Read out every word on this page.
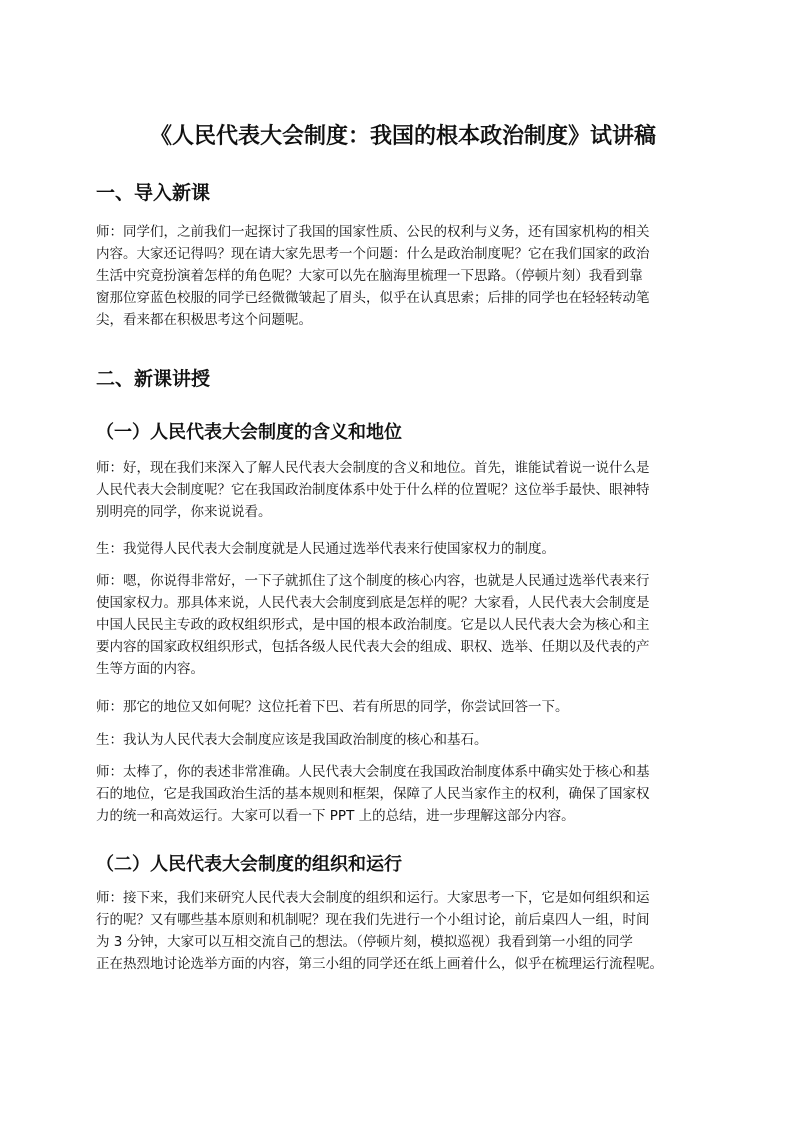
《人民代表大会制度：我国的根本政治制度》试讲稿
一、导入新课
师：同学们，之前我们一起探讨了我国的国家性质、公民的权利与义务，还有国家机构的相关
内容。大家还记得吗？现在请大家先思考一个问题：什么是政治制度呢？它在我们国家的政治
生活中究竟扮演着怎样的角色呢？大家可以先在脑海里梳理一下思路。（停顿片刻）我看到靠
窗那位穿蓝色校服的同学已经微微皱起了眉头，似乎在认真思索；后排的同学也在轻轻转动笔
尖，看来都在积极思考这个问题呢。
二、新课讲授
（一）人民代表大会制度的含义和地位
师：好，现在我们来深入了解人民代表大会制度的含义和地位。首先，谁能试着说一说什么是
人民代表大会制度呢？它在我国政治制度体系中处于什么样的位置呢？这位举手最快、眼神特
别明亮的同学，你来说说看。
生：我觉得人民代表大会制度就是人民通过选举代表来行使国家权力的制度。
师：嗯，你说得非常好，一下子就抓住了这个制度的核心内容，也就是人民通过选举代表来行
使国家权力。那具体来说，人民代表大会制度到底是怎样的呢？大家看，人民代表大会制度是
中国人民民主专政的政权组织形式，是中国的根本政治制度。它是以人民代表大会为核心和主
要内容的国家政权组织形式，包括各级人民代表大会的组成、职权、选举、任期以及代表的产
生等方面的内容。
师：那它的地位又如何呢？这位托着下巴、若有所思的同学，你尝试回答一下。
生：我认为人民代表大会制度应该是我国政治制度的核心和基石。
师：太棒了，你的表述非常准确。人民代表大会制度在我国政治制度体系中确实处于核心和基
石的地位，它是我国政治生活的基本规则和框架，保障了人民当家作主的权利，确保了国家权
力的统一和高效运行。大家可以看一下 PPT 上的总结，进一步理解这部分内容。
（二）人民代表大会制度的组织和运行
师：接下来，我们来研究人民代表大会制度的组织和运行。大家思考一下，它是如何组织和运
行的呢？又有哪些基本原则和机制呢？现在我们先进行一个小组讨论，前后桌四人一组，时间
为 3 分钟，大家可以互相交流自己的想法。（停顿片刻，模拟巡视）我看到第一小组的同学
正在热烈地讨论选举方面的内容，第三小组的同学还在纸上画着什么，似乎在梳理运行流程呢。
